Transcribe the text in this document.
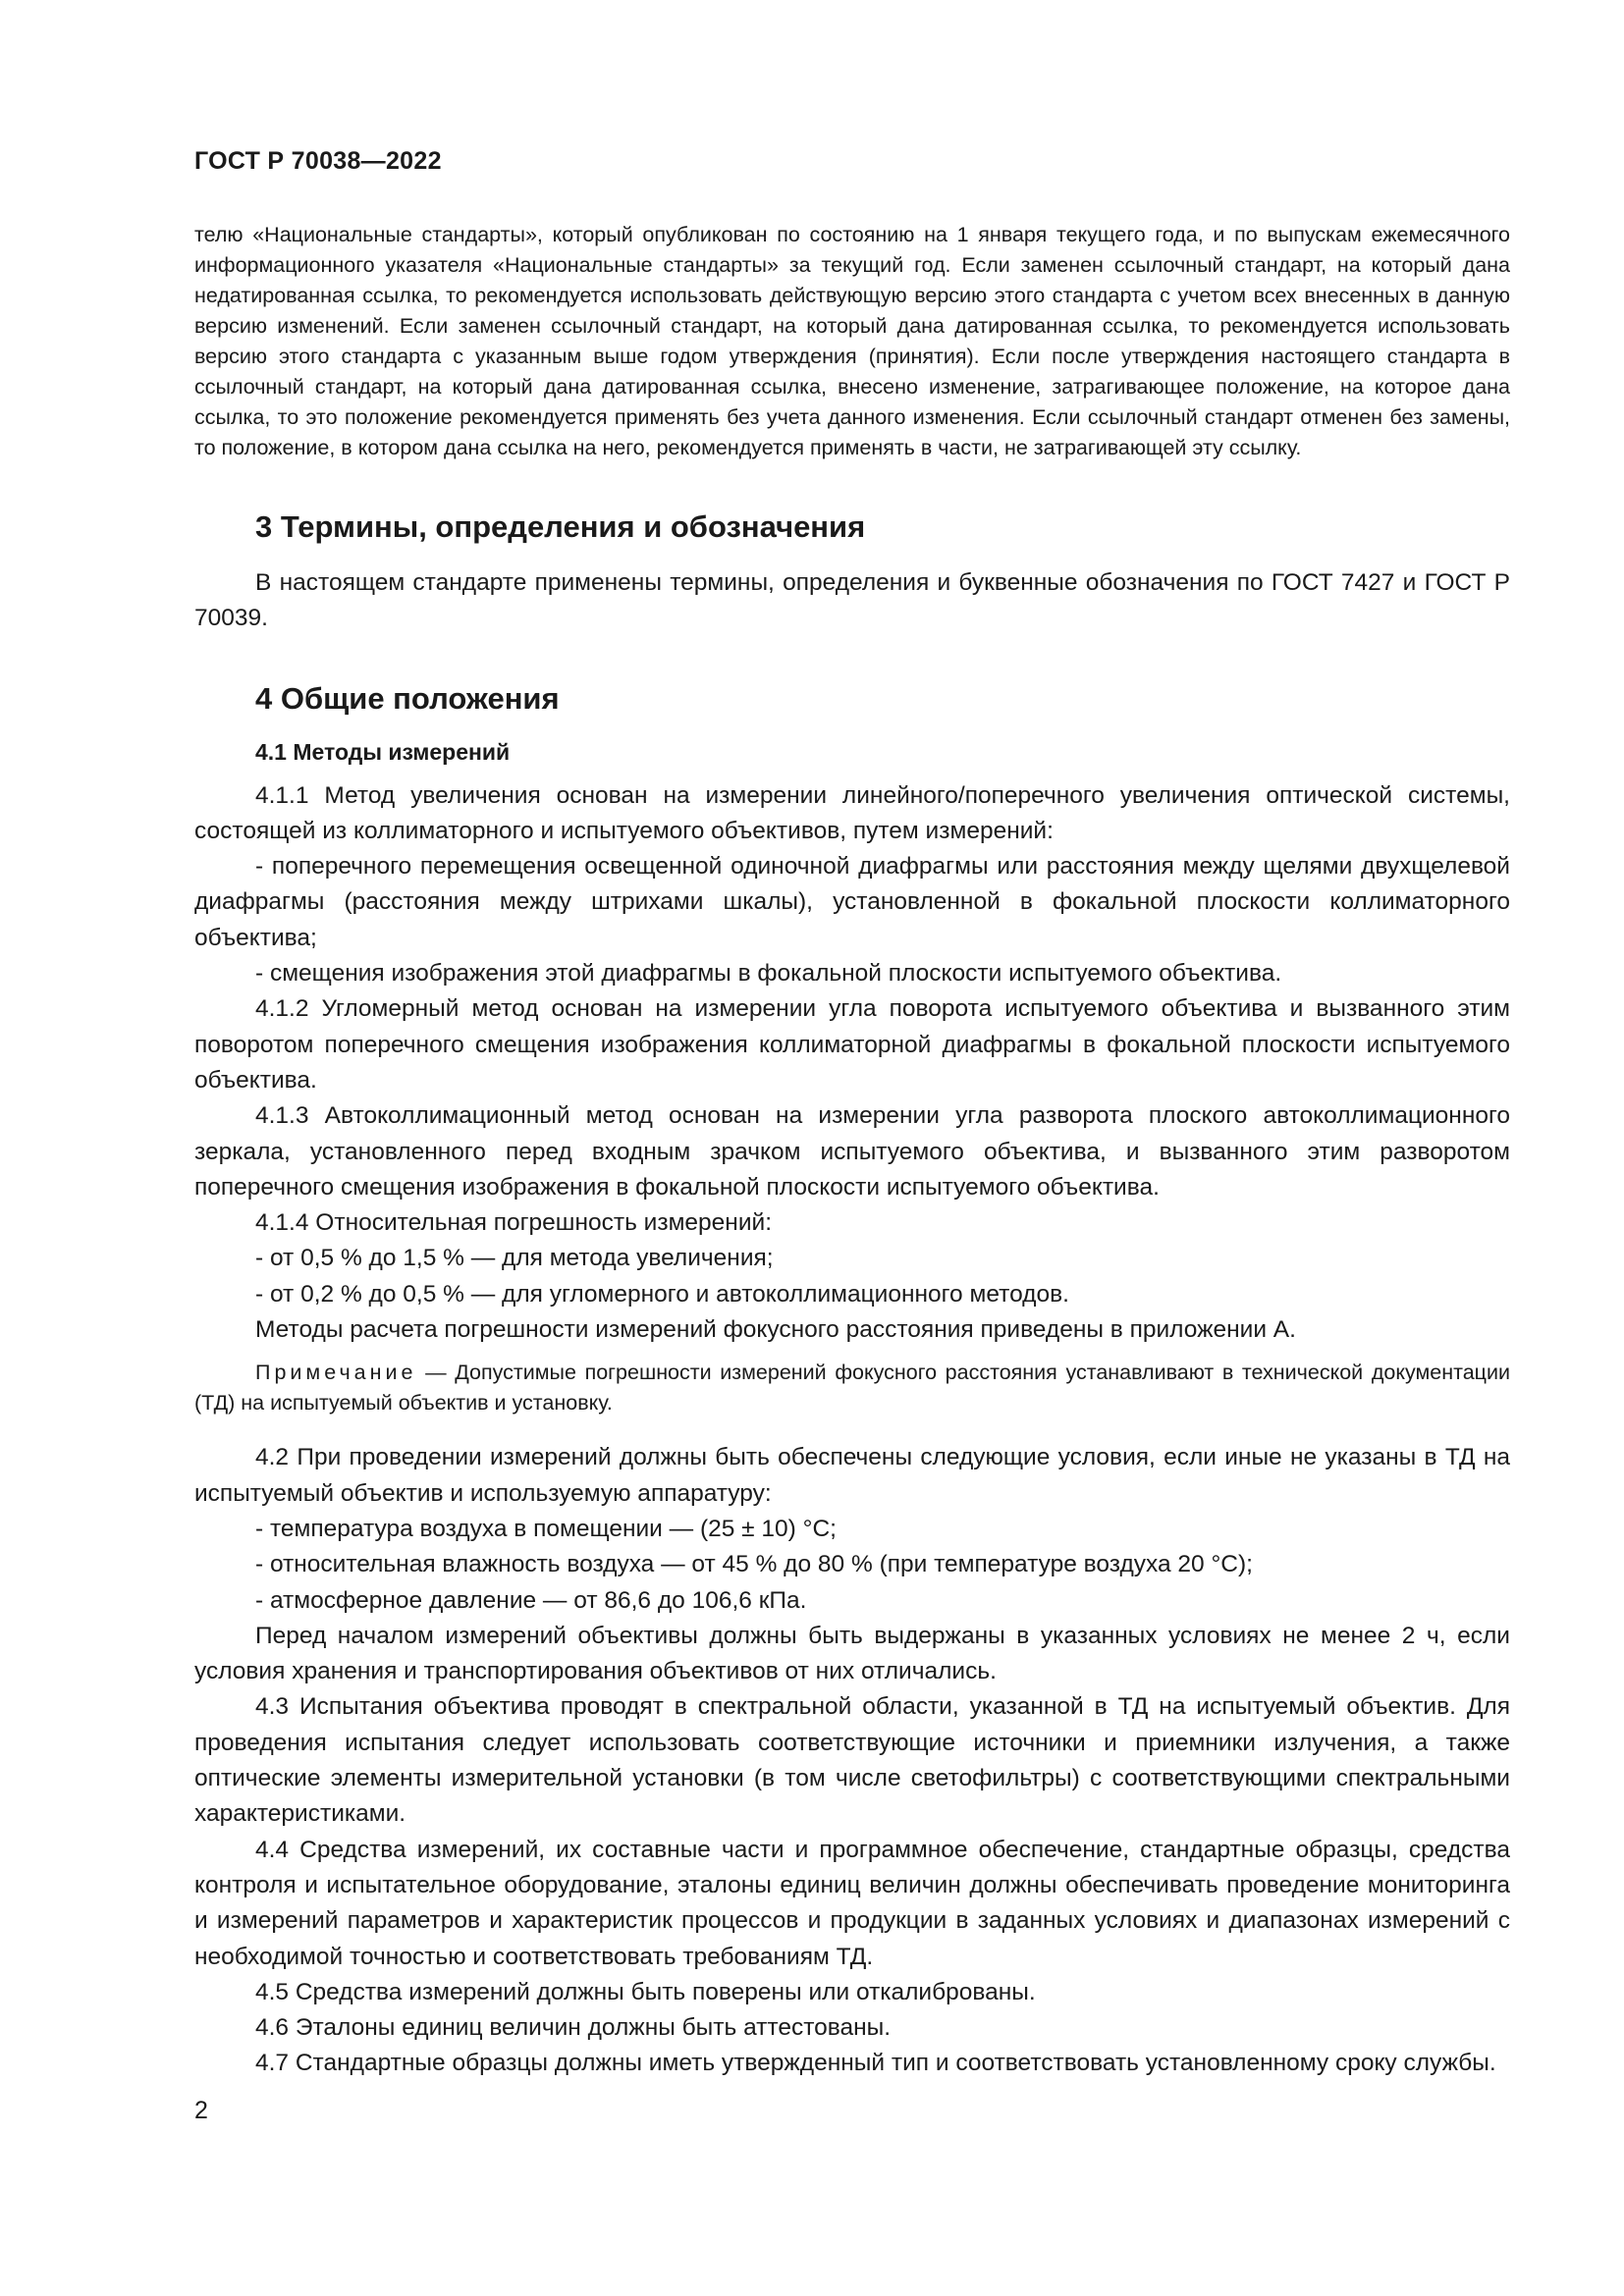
ГОСТ Р 70038—2022

телю «Национальные стандарты», который опубликован по состоянию на 1 января текущего года, и по выпускам ежемесячного информационного указателя «Национальные стандарты» за текущий год. Если заменен ссылочный стандарт, на который дана недатированная ссылка, то рекомендуется использовать действующую версию этого стандарта с учетом всех внесенных в данную версию изменений. Если заменен ссылочный стандарт, на который дана датированная ссылка, то рекомендуется использовать версию этого стандарта с указанным выше годом утверждения (принятия). Если после утверждения настоящего стандарта в ссылочный стандарт, на который дана датированная ссылка, внесено изменение, затрагивающее положение, на которое дана ссылка, то это положение рекомендуется применять без учета данного изменения. Если ссылочный стандарт отменен без замены, то положение, в котором дана ссылка на него, рекомендуется применять в части, не затрагивающей эту ссылку.

3 Термины, определения и обозначения

В настоящем стандарте применены термины, определения и буквенные обозначения по ГОСТ 7427 и ГОСТ Р 70039.

4 Общие положения
4.1 Методы измерений

4.1.1 Метод увеличения основан на измерении линейного/поперечного увеличения оптической системы, состоящей из коллиматорного и испытуемого объективов, путем измерений:

- поперечного перемещения освещенной одиночной диафрагмы или расстояния между щелями двухщелевой диафрагмы (расстояния между штрихами шкалы), установленной в фокальной плоскости коллиматорного объектива;

- смещения изображения этой диафрагмы в фокальной плоскости испытуемого объектива.

4.1.2 Угломерный метод основан на измерении угла поворота испытуемого объектива и вызванного этим поворотом поперечного смещения изображения коллиматорной диафрагмы в фокальной плоскости испытуемого объектива.

4.1.3 Автоколлимационный метод основан на измерении угла разворота плоского автоколлимационного зеркала, установленного перед входным зрачком испытуемого объектива, и вызванного этим разворотом поперечного смещения изображения в фокальной плоскости испытуемого объектива.

4.1.4 Относительная погрешность измерений:

- от 0,5 % до 1,5 % — для метода увеличения;

- от 0,2 % до 0,5 % — для угломерного и автоколлимационного методов.

Методы расчета погрешности измерений фокусного расстояния приведены в приложении А.

Примечание — Допустимые погрешности измерений фокусного расстояния устанавливают в технической документации (ТД) на испытуемый объектив и установку.

4.2 При проведении измерений должны быть обеспечены следующие условия, если иные не указаны в ТД на испытуемый объектив и используемую аппаратуру:

- температура воздуха в помещении — (25 ± 10) °С;

- относительная влажность воздуха — от 45 % до 80 % (при температуре воздуха 20 °С);

- атмосферное давление — от 86,6 до 106,6 кПа.

Перед началом измерений объективы должны быть выдержаны в указанных условиях не менее 2 ч, если условия хранения и транспортирования объективов от них отличались.

4.3 Испытания объектива проводят в спектральной области, указанной в ТД на испытуемый объектив. Для проведения испытания следует использовать соответствующие источники и приемники излучения, а также оптические элементы измерительной установки (в том числе светофильтры) с соответствующими спектральными характеристиками.

4.4 Средства измерений, их составные части и программное обеспечение, стандартные образцы, средства контроля и испытательное оборудование, эталоны единиц величин должны обеспечивать проведение мониторинга и измерений параметров и характеристик процессов и продукции в заданных условиях и диапазонах измерений с необходимой точностью и соответствовать требованиям ТД.

4.5 Средства измерений должны быть поверены или откалиброваны.

4.6 Эталоны единиц величин должны быть аттестованы.

4.7 Стандартные образцы должны иметь утвержденный тип и соответствовать установленному сроку службы.

2
